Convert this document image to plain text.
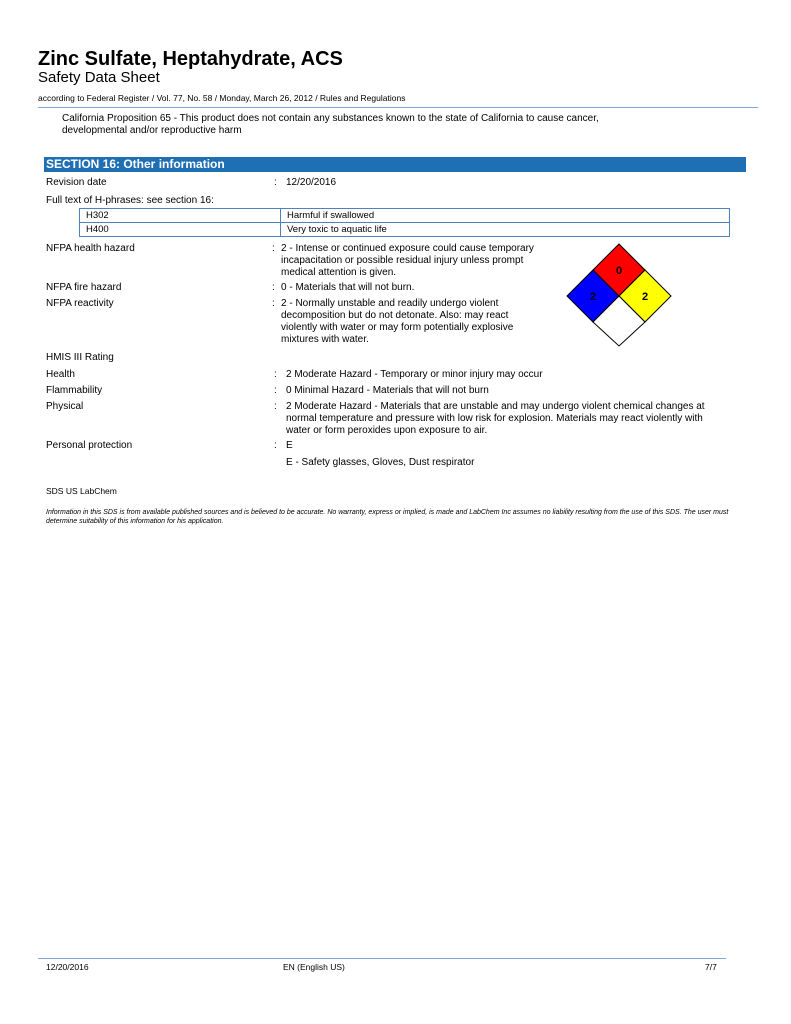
Zinc Sulfate, Heptahydrate, ACS
Safety Data Sheet
according to Federal Register / Vol. 77, No. 58 / Monday, March 26, 2012 / Rules and Regulations
California Proposition 65 - This product does not contain any substances known to the state of California to cause cancer,
developmental and/or reproductive harm
SECTION 16: Other information
Revision date	: 12/20/2016
Full text of H-phrases: see section 16:
H302	Harmful if swallowed
H400	Very toxic to aquatic life
NFPA health hazard	: 2 - Intense or continued exposure could cause temporary
incapacitation or possible residual injury unless prompt
medical attention is given.
NFPA fire hazard	: 0 - Materials that will not burn.
NFPA reactivity	: 2 - Normally unstable and readily undergo violent
decomposition but do not detonate. Also: may react
violently with water or may form potentially explosive
mixtures with water.
0
2	2
HMIS III Rating
Health	: 2 Moderate Hazard - Temporary or minor injury may occur
Flammability	: 0 Minimal Hazard - Materials that will not burn
Physical	: 2 Moderate Hazard - Materials that are unstable and may undergo violent chemical changes at
normal temperature and pressure with low risk for explosion. Materials may react violently with
water or form peroxides upon exposure to air.
Personal protection	: E
E - Safety glasses, Gloves, Dust respirator
SDS US LabChem
Information in this SDS is from available published sources and is believed to be accurate. No warranty, express or implied, is made and LabChem Inc assumes no liability resulting from the use of this SDS. The user must determine suitability of this information for his application.
12/20/2016	EN (English US)	7/7
